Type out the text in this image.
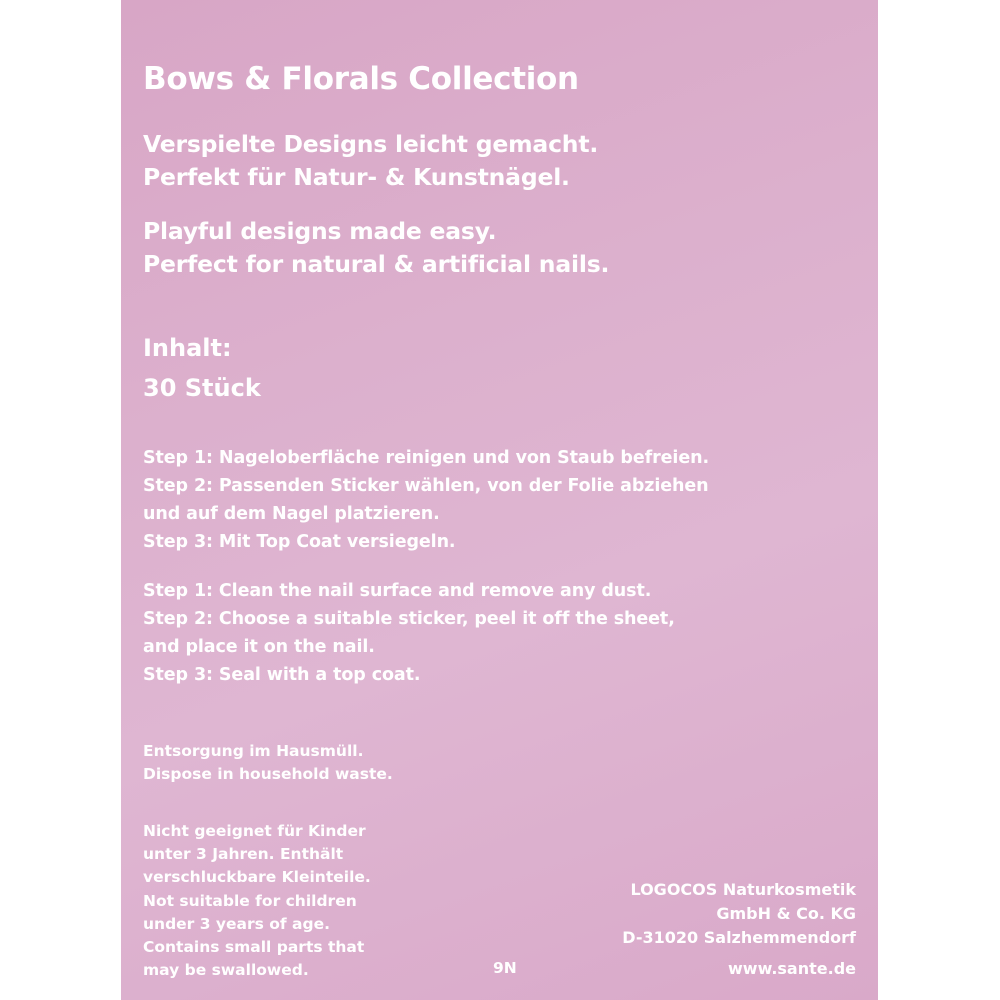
Bows & Florals Collection

Verspielte Designs leicht gemacht.
Perfekt für Natur- & Kunstnägel.

Playful designs made easy.
Perfect for natural & artificial nails.

Inhalt:
30 Stück

Step 1: Nageloberfläche reinigen und von Staub befreien.
Step 2: Passenden Sticker wählen, von der Folie abziehen
und auf dem Nagel platzieren.
Step 3: Mit Top Coat versiegeln.

Step 1: Clean the nail surface and remove any dust.
Step 2: Choose a suitable sticker, peel it off the sheet,
and place it on the nail.
Step 3: Seal with a top coat.

Entsorgung im Hausmüll.
Dispose in household waste.

Nicht geeignet für Kinder
unter 3 Jahren. Enthält
verschluckbare Kleinteile.

Not suitable for children
under 3 years of age.
Contains small parts that
may be swallowed.	9N

LOGOCOS Naturkosmetik
GmbH & Co. KG
D-31020 Salzhemmendorf

www.sante.de
